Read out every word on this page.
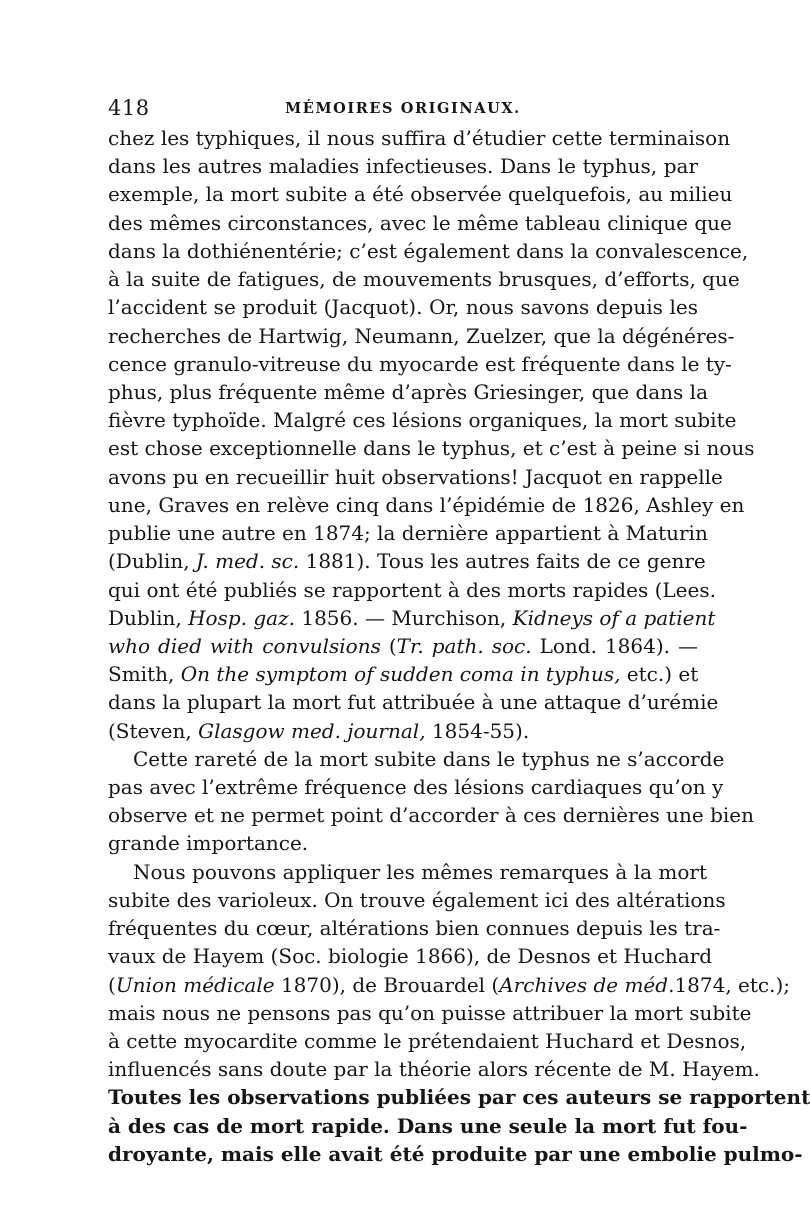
418	MÉMOIRES ORIGINAUX.
chez les typhiques, il nous suffira d’étudier cette terminaison
dans les autres maladies infectieuses. Dans le typhus, par
exemple, la mort subite a été observée quelquefois, au milieu
des mêmes circonstances, avec le même tableau clinique que
dans la dothiénentérie; c’est également dans la convalescence,
à la suite de fatigues, de mouvements brusques, d’efforts, que
l’accident se produit (Jacquot). Or, nous savons depuis les
recherches de Hartwig, Neumann, Zuelzer, que la dégénéres-
cence granulo-vitreuse du myocarde est fréquente dans le ty-
phus, plus fréquente même d’après Griesinger, que dans la
fièvre typhoïde. Malgré ces lésions organiques, la mort subite
est chose exceptionnelle dans le typhus, et c’est à peine si nous
avons pu en recueillir huit observations! Jacquot en rappelle
une, Graves en relève cinq dans l’épidémie de 1826, Ashley en
publie une autre en 1874; la dernière appartient à Maturin
(Dublin, J. med. sc. 1881). Tous les autres faits de ce genre
qui ont été publiés se rapportent à des morts rapides (Lees.
Dublin, Hosp. gaz. 1856. — Murchison, Kidneys of a patient
who died with convulsions (Tr. path. soc. Lond. 1864). —
Smith, On the symptom of sudden coma in typhus, etc.) et
dans la plupart la mort fut attribuée à une attaque d’urémie
(Steven, Glasgow med. journal, 1854-55).
Cette rareté de la mort subite dans le typhus ne s’accorde
pas avec l’extrême fréquence des lésions cardiaques qu’on y
observe et ne permet point d’accorder à ces dernières une bien
grande importance.
Nous pouvons appliquer les mêmes remarques à la mort
subite des varioleux. On trouve également ici des altérations
fréquentes du cœur, altérations bien connues depuis les tra-
vaux de Hayem (Soc. biologie 1866), de Desnos et Huchard
(Union médicale 1870), de Brouardel (Archives de méd.1874, etc.);
mais nous ne pensons pas qu’on puisse attribuer la mort subite
à cette myocardite comme le prétendaient Huchard et Desnos,
influencés sans doute par la théorie alors récente de M. Hayem.
Toutes les observations publiées par ces auteurs se rapportent
à des cas de mort rapide. Dans une seule la mort fut fou-
droyante, mais elle avait été produite par une embolie pulmo-
